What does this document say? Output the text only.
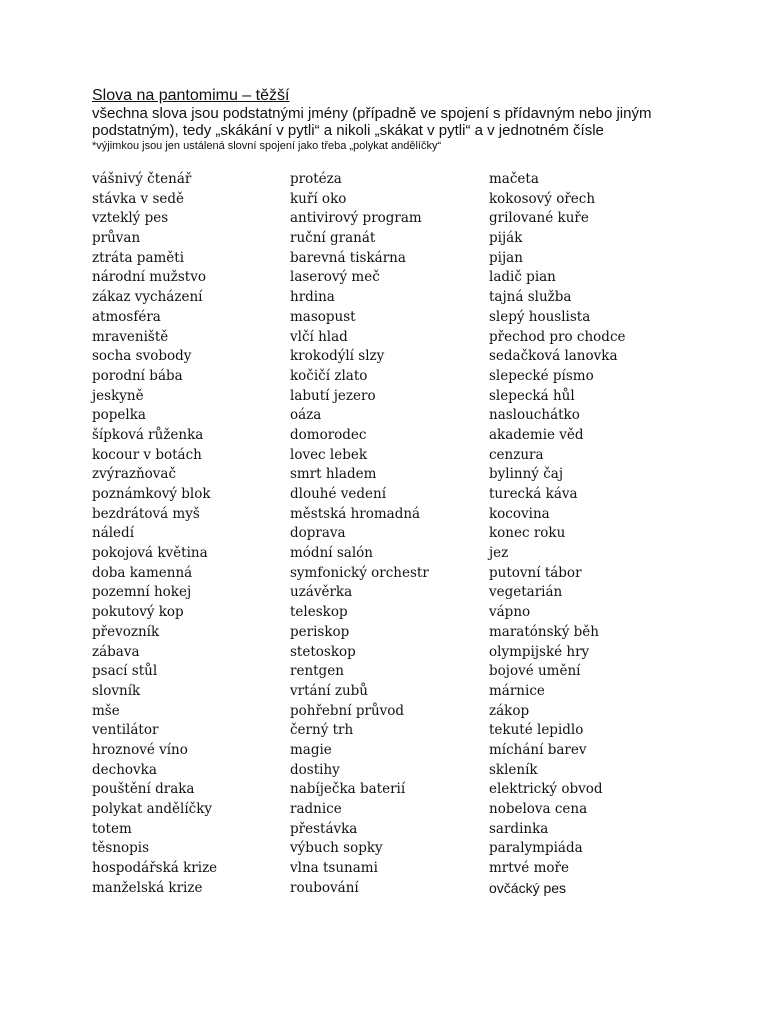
Slova na pantomimu – těžší

všechna slova jsou podstatnými jmény (případně ve spojení s přídavným nebo jiným

podstatným), tedy „skákání v pytli“ a nikoli „skákat v pytli“ a v jednotném čísle

*výjimkou jsou jen ustálená slovní spojení jako třeba „polykat andělíčky“

vášnivý čtenář
stávka v sedě
vzteklý pes
průvan
ztráta paměti
národní mužstvo
zákaz vycházení
atmosféra
mraveniště
socha svobody
porodní bába
jeskyně
popelka
šípková růženka
kocour v botách
zvýrazňovač
poznámkový blok
bezdrátová myš
náledí
pokojová květina
doba kamenná
pozemní hokej
pokutový kop
převozník
zábava
psací stůl
slovník
mše
ventilátor
hroznové víno
dechovka
pouštění draka
polykat andělíčky
totem
těsnopis
hospodářská krize
manželská krize
protéza
kuří oko
antivirový program
ruční granát
barevná tiskárna
laserový meč
hrdina
masopust
vlčí hlad
krokodýlí slzy
kočičí zlato
labutí jezero
oáza
domorodec
lovec lebek
smrt hladem
dlouhé vedení
městská hromadná
doprava
módní salón
symfonický orchestr
uzávěrka
teleskop
periskop
stetoskop
rentgen
vrtání zubů
pohřební průvod
černý trh
magie
dostihy
nabíječka baterií
radnice
přestávka
výbuch sopky
vlna tsunami
roubování
mačeta
kokosový ořech
grilované kuře
piják
pijan
ladič pian
tajná služba
slepý houslista
přechod pro chodce
sedačková lanovka
slepecké písmo
slepecká hůl
naslouchátko
akademie věd
cenzura
bylinný čaj
turecká káva
kocovina
konec roku
jez
putovní tábor
vegetarián
vápno
maratónský běh
olympijské hry
bojové umění
márnice
zákop
tekuté lepidlo
míchání barev
skleník
elektrický obvod
nobelova cena
sardinka
paralympiáda
mrtvé moře
ovčácký pes
